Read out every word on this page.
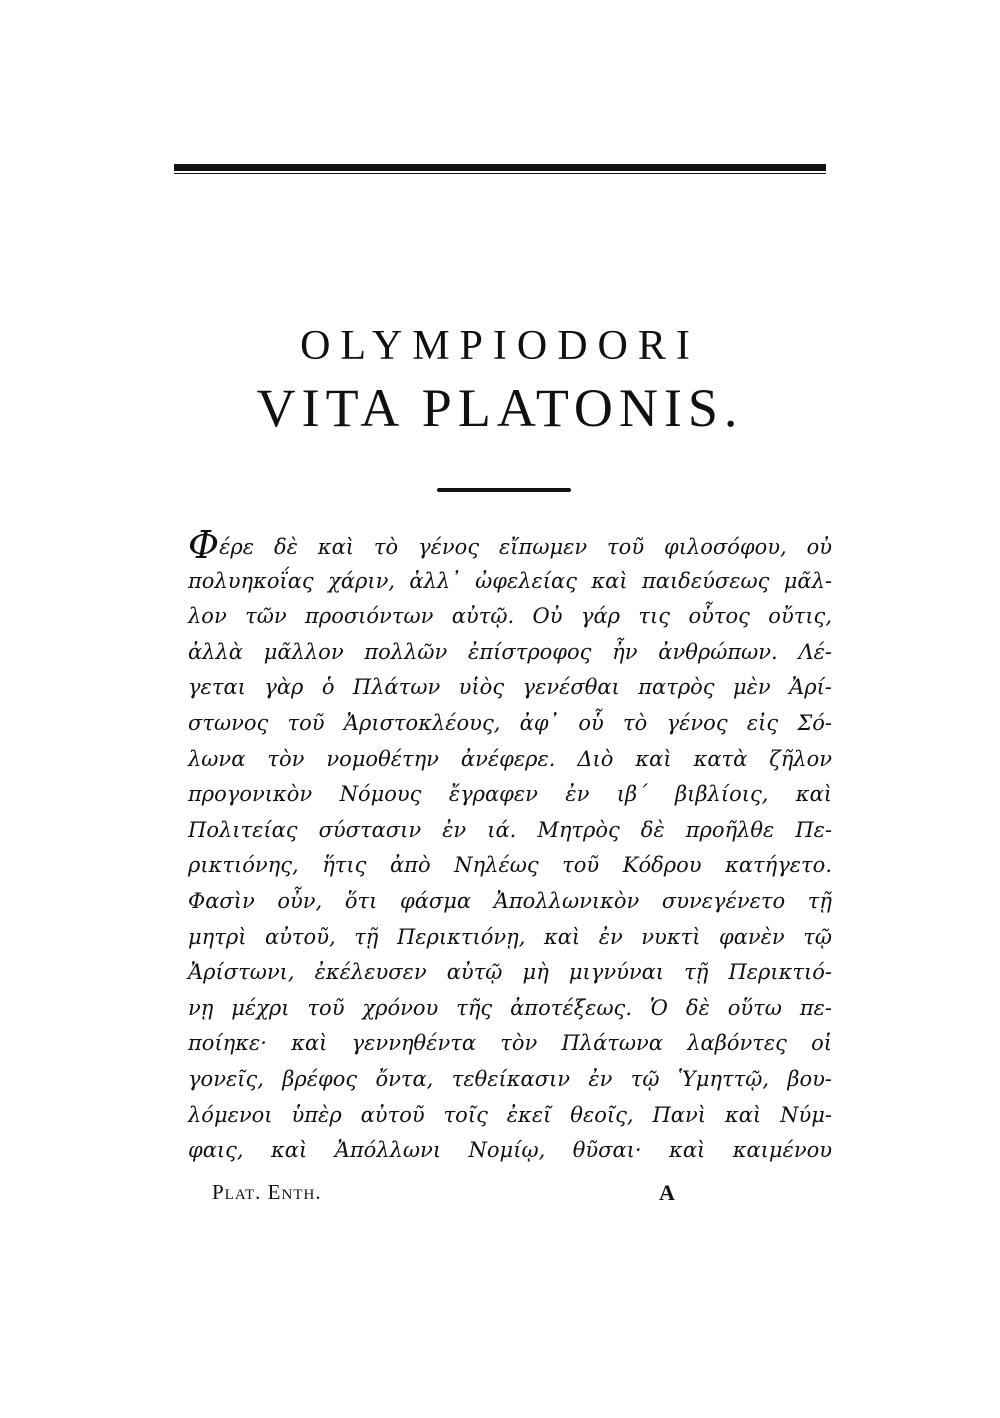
OLYMPIODORI
VITA PLATONIS.
Φέρε δὲ καὶ τὸ γένος εἴπωμεν τοῦ φιλοσόφου, οὐ
πολυηκοΐας χάριν, ἀλλ᾽ ὠφελείας καὶ παιδεύσεως μᾶλ-
λον τῶν προσιόντων αὐτῷ. Οὐ γάρ τις οὗτος οὔτις,
ἀλλὰ μᾶλλον πολλῶν ἐπίστροφος ἦν ἀνθρώπων. Λέ-
γεται γὰρ ὁ Πλάτων υἱὸς γενέσθαι πατρὸς μὲν Ἀρί-
στωνος τοῦ Ἀριστοκλέους, ἀφ᾽ οὗ τὸ γένος εἰς Σό-
λωνα τὸν νομοθέτην ἀνέφερε. Διὸ καὶ κατὰ ζῆλον
προγονικὸν Νόμους ἔγραφεν ἐν ιβ΄ βιβλίοις, καὶ
Πολιτείας σύστασιν ἐν ιά. Μητρὸς δὲ προῆλθε Πε-
ρικτιόνης, ἥτις ἀπὸ Νηλέως τοῦ Κόδρου κατήγετο.
Φασὶν οὖν, ὅτι φάσμα Ἀπολλωνικὸν συνεγένετο τῇ
μητρὶ αὐτοῦ, τῇ Περικτιόνῃ, καὶ ἐν νυκτὶ φανὲν τῷ
Ἀρίστωνι, ἐκέλευσεν αὐτῷ μὴ μιγνύναι τῇ Περικτιό-
νῃ μέχρι τοῦ χρόνου τῆς ἀποτέξεως. Ὁ δὲ οὕτω πε-
ποίηκε· καὶ γεννηθέντα τὸν Πλάτωνα λαβόντες οἱ
γονεῖς, βρέφος ὄντα, τεθείκασιν ἐν τῷ Ὑμηττῷ, βου-
λόμενοι ὑπὲρ αὐτοῦ τοῖς ἐκεῖ θεοῖς, Πανὶ καὶ Νύμ-
φαις, καὶ Ἀπόλλωνι Νομίῳ, θῦσαι· καὶ καιμένου
Plat. Enth.	A
